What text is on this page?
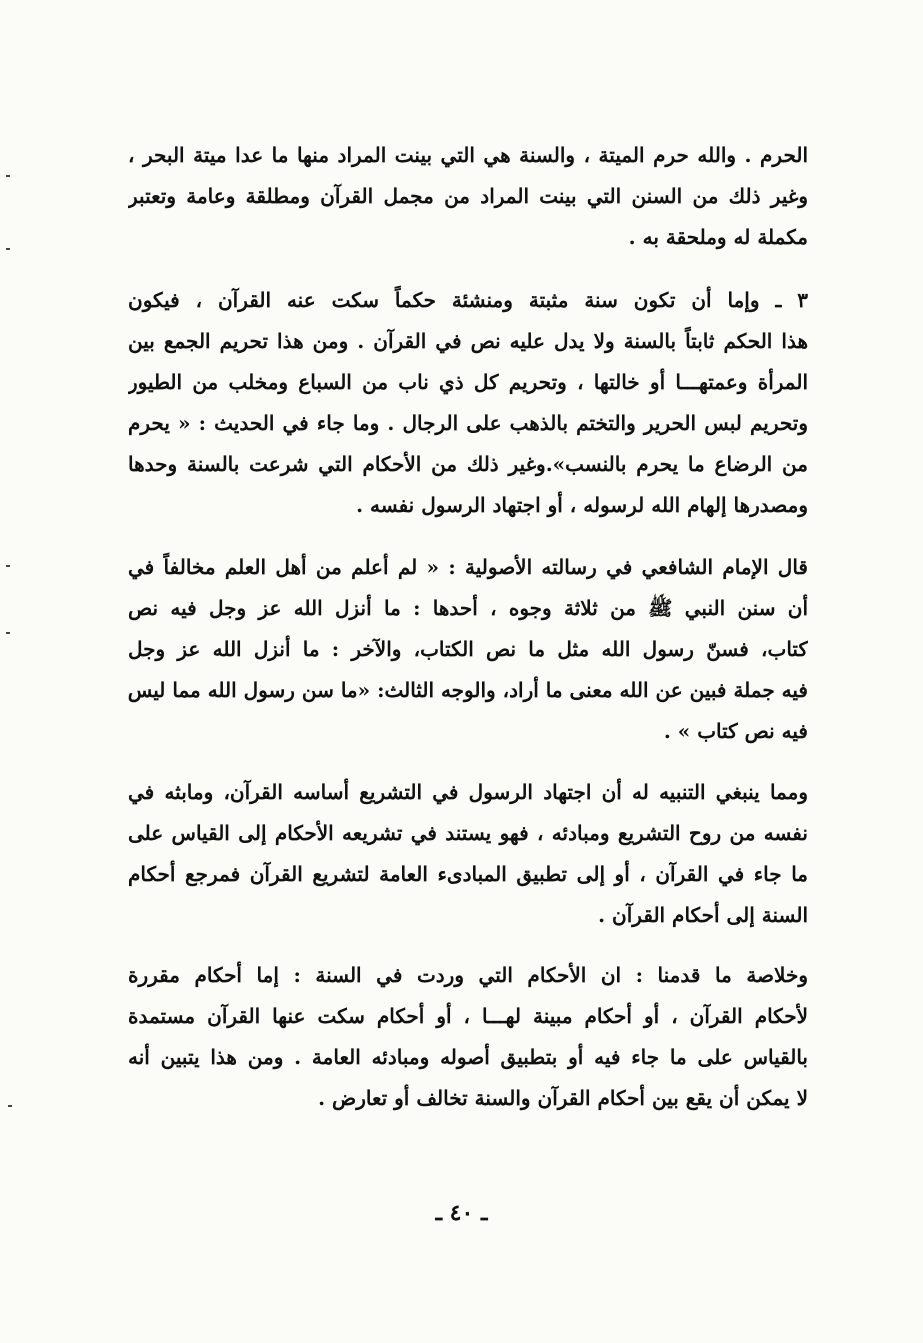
الحرم . والله حرم الميتة ، والسنة هي التي بينت المراد منها ما عدا ميتة البحر ،
وغير ذلك من السنن التي بينت المراد من مجمل القرآن ومطلقة وعامة وتعتبر
مكملة له وملحقة به .
٣ ـ وإما أن تكون سنة مثبتة ومنشئة حكماً سكت عنه القرآن ، فيكون
هذا الحكم ثابتاً بالسنة ولا يدل عليه نص في القرآن . ومن هذا تحريم الجمع بين
المرأة وعمتهـــا أو خالتها ، وتحريم كل ذي ناب من السباع ومخلب من الطيور
وتحريم لبس الحرير والتختم بالذهب على الرجال . وما جاء في الحديث : « يحرم
من الرضاع ما يحرم بالنسب».وغير ذلك من الأحكام التي شرعت بالسنة وحدها
ومصدرها إلهام الله لرسوله ، أو اجتهاد الرسول نفسه .
قال الإمام الشافعي في رسالته الأصولية : « لم أعلم من أهل العلم مخالفاً في
أن سنن النبي ﷺ من ثلاثة وجوه ، أحدها : ما أنزل الله عز وجل فيه نص
كتاب، فسنّ رسول الله مثل ما نص الكتاب، والآخر : ما أنزل الله عز وجل
فيه جملة فبين عن الله معنى ما أراد، والوجه الثالث: «ما سن رسول الله مما ليس
فيه نص كتاب » .
ومما ينبغي التنبيه له أن اجتهاد الرسول في التشريع أساسه القرآن، ومابثه في
نفسه من روح التشريع ومبادئه ، فهو يستند في تشريعه الأحكام إلى القياس على
ما جاء في القرآن ، أو إلى تطبيق المبادىء العامة لتشريع القرآن فمرجع أحكام
السنة إلى أحكام القرآن .
وخلاصة ما قدمنا : ان الأحكام التي وردت في السنة : إما أحكام مقررة
لأحكام القرآن ، أو أحكام مبينة لهـــا ، أو أحكام سكت عنها القرآن مستمدة
بالقياس على ما جاء فيه أو بتطبيق أصوله ومبادئه العامة . ومن هذا يتبين أنه
لا يمكن أن يقع بين أحكام القرآن والسنة تخالف أو تعارض .
ـ ٤٠ ـ
